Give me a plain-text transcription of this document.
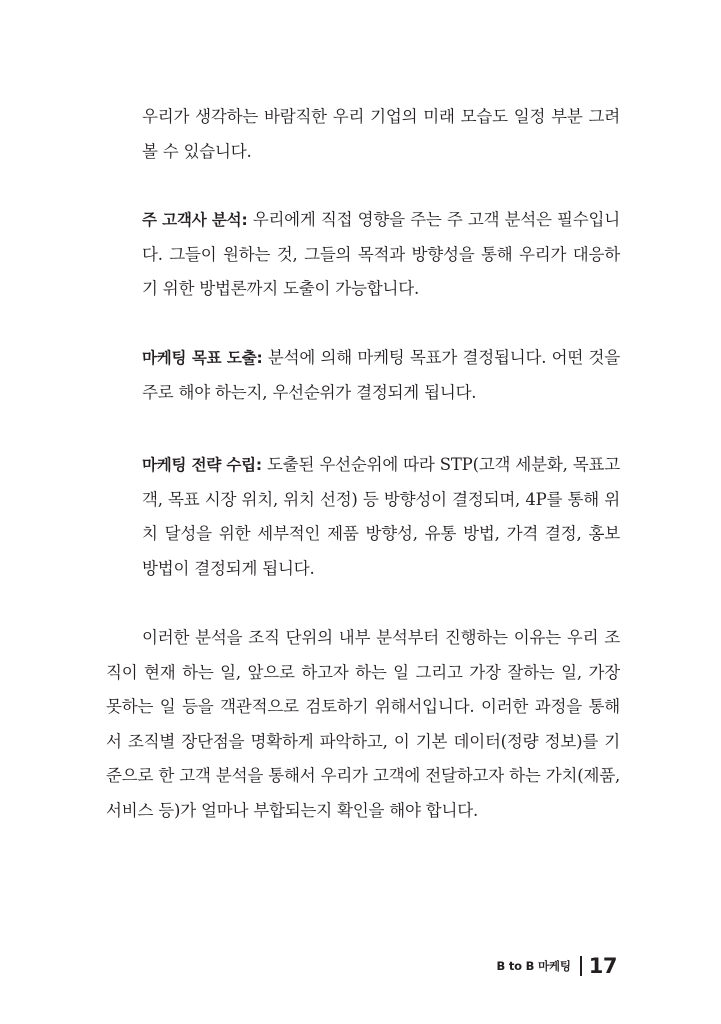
우리가 생각하는 바람직한 우리 기업의 미래 모습도 일정 부분 그려 볼 수 있습니다.

주 고객사 분석: 우리에게 직접 영향을 주는 주 고객 분석은 필수입니다. 그들이 원하는 것, 그들의 목적과 방향성을 통해 우리가 대응하기 위한 방법론까지 도출이 가능합니다.

마케팅 목표 도출: 분석에 의해 마케팅 목표가 결정됩니다. 어떤 것을 주로 해야 하는지, 우선순위가 결정되게 됩니다.

마케팅 전략 수립: 도출된 우선순위에 따라 STP(고객 세분화, 목표고객, 목표 시장 위치, 위치 선정) 등 방향성이 결정되며, 4P를 통해 위치 달성을 위한 세부적인 제품 방향성, 유통 방법, 가격 결정, 홍보 방법이 결정되게 됩니다.

이러한 분석을 조직 단위의 내부 분석부터 진행하는 이유는 우리 조직이 현재 하는 일, 앞으로 하고자 하는 일 그리고 가장 잘하는 일, 가장 못하는 일 등을 객관적으로 검토하기 위해서입니다. 이러한 과정을 통해서 조직별 장단점을 명확하게 파악하고, 이 기본 데이터(정량 정보)를 기준으로 한 고객 분석을 통해서 우리가 고객에 전달하고자 하는 가치(제품, 서비스 등)가 얼마나 부합되는지 확인을 해야 합니다.

B to B 마케팅 17
